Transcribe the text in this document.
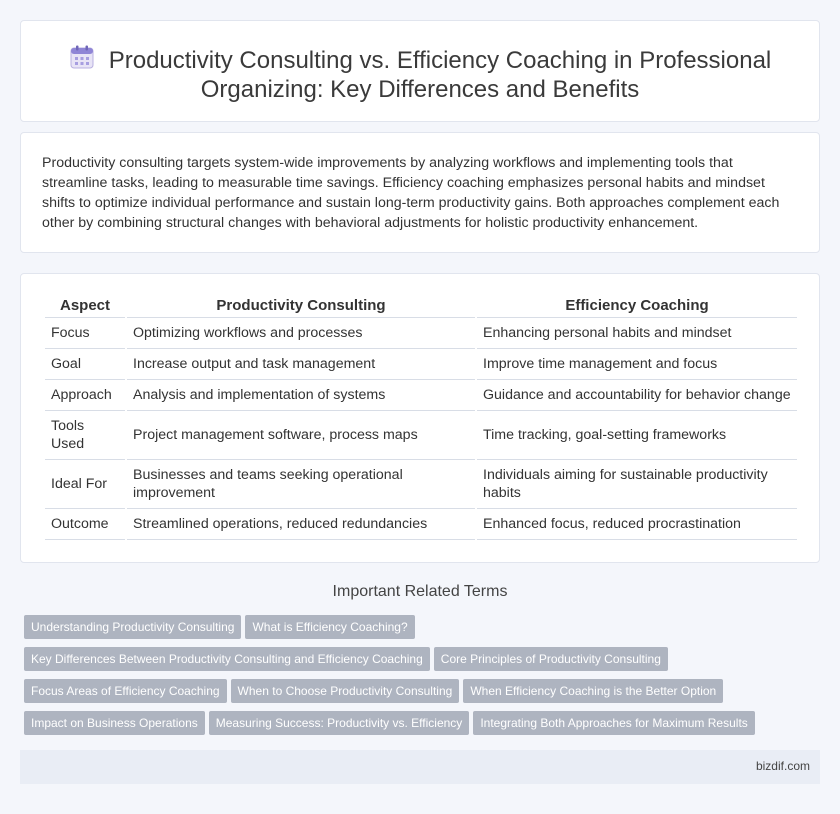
Productivity Consulting vs. Efficiency Coaching in Professional Organizing: Key Differences and Benefits

Productivity consulting targets system-wide improvements by analyzing workflows and implementing tools that streamline tasks, leading to measurable time savings. Efficiency coaching emphasizes personal habits and mindset shifts to optimize individual performance and sustain long-term productivity gains. Both approaches complement each other by combining structural changes with behavioral adjustments for holistic productivity enhancement.

Aspect	Productivity Consulting	Efficiency Coaching
Focus	Optimizing workflows and processes	Enhancing personal habits and mindset
Goal	Increase output and task management	Improve time management and focus
Approach	Analysis and implementation of systems	Guidance and accountability for behavior change
Tools Used	Project management software, process maps	Time tracking, goal-setting frameworks
Ideal For	Businesses and teams seeking operational improvement	Individuals aiming for sustainable productivity habits
Outcome	Streamlined operations, reduced redundancies	Enhanced focus, reduced procrastination
Important Related Terms
Understanding Productivity Consulting What is Efficiency Coaching?
Key Differences Between Productivity Consulting and Efficiency Coaching Core Principles of Productivity Consulting
Focus Areas of Efficiency Coaching When to Choose Productivity Consulting When Efficiency Coaching is the Better Option
Impact on Business Operations Measuring Success: Productivity vs. Efficiency Integrating Both Approaches for Maximum Results
bizdif.com
